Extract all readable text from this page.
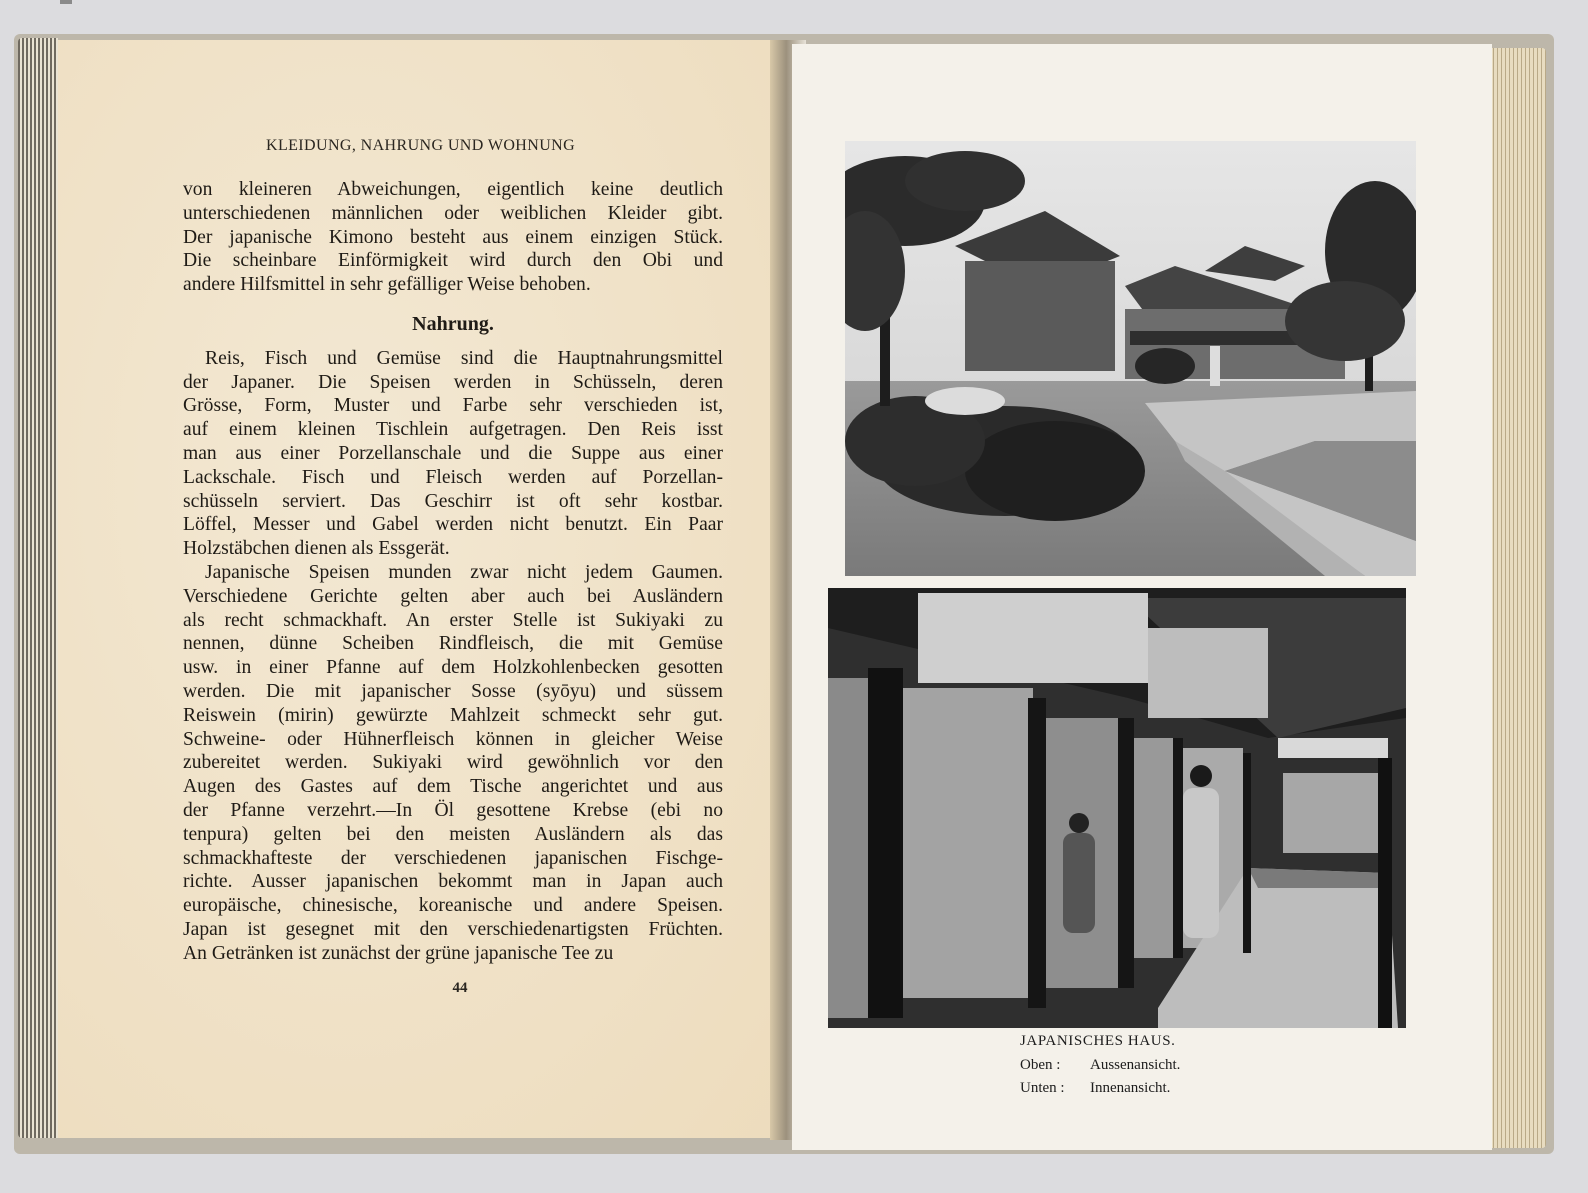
KLEIDUNG, NAHRUNG UND WOHNUNG

von kleineren Abweichungen, eigentlich keine deutlich

unterschiedenen männlichen oder weiblichen Kleider gibt.

Der japanische Kimono besteht aus einem einzigen Stück.

Die scheinbare Einförmigkeit wird durch den Obi und

andere Hilfsmittel in sehr gefälliger Weise behoben.

Nahrung.

Reis, Fisch und Gemüse sind die Hauptnahrungsmittel

der Japaner. Die Speisen werden in Schüsseln, deren

Grösse, Form, Muster und Farbe sehr verschieden ist,

auf einem kleinen Tischlein aufgetragen. Den Reis isst

man aus einer Porzellanschale und die Suppe aus einer

Lackschale. Fisch und Fleisch werden auf Porzellan-

schüsseln serviert. Das Geschirr ist oft sehr kostbar.

Löffel, Messer und Gabel werden nicht benutzt. Ein Paar

Holzstäbchen dienen als Essgerät.

Japanische Speisen munden zwar nicht jedem Gaumen.

Verschiedene Gerichte gelten aber auch bei Ausländern

als recht schmackhaft. An erster Stelle ist Sukiyaki zu

nennen, dünne Scheiben Rindfleisch, die mit Gemüse

usw. in einer Pfanne auf dem Holzkohlenbecken gesotten

werden. Die mit japanischer Sosse (syōyu) und süssem

Reiswein (mirin) gewürzte Mahlzeit schmeckt sehr gut.

Schweine- oder Hühnerfleisch können in gleicher Weise

zubereitet werden. Sukiyaki wird gewöhnlich vor den

Augen des Gastes auf dem Tische angerichtet und aus

der Pfanne verzehrt.—In Öl gesottene Krebse (ebi no

tenpura) gelten bei den meisten Ausländern als das

schmackhafteste der verschiedenen japanischen Fischge-

richte. Ausser japanischen bekommt man in Japan auch

europäische, chinesische, koreanische und andere Speisen.

Japan ist gesegnet mit den verschiedenartigsten Früchten.

An Getränken ist zunächst der grüne japanische Tee zu

44
JAPANISCHES HAUS.
Oben : Aussenansicht.
Unten : Innenansicht.
